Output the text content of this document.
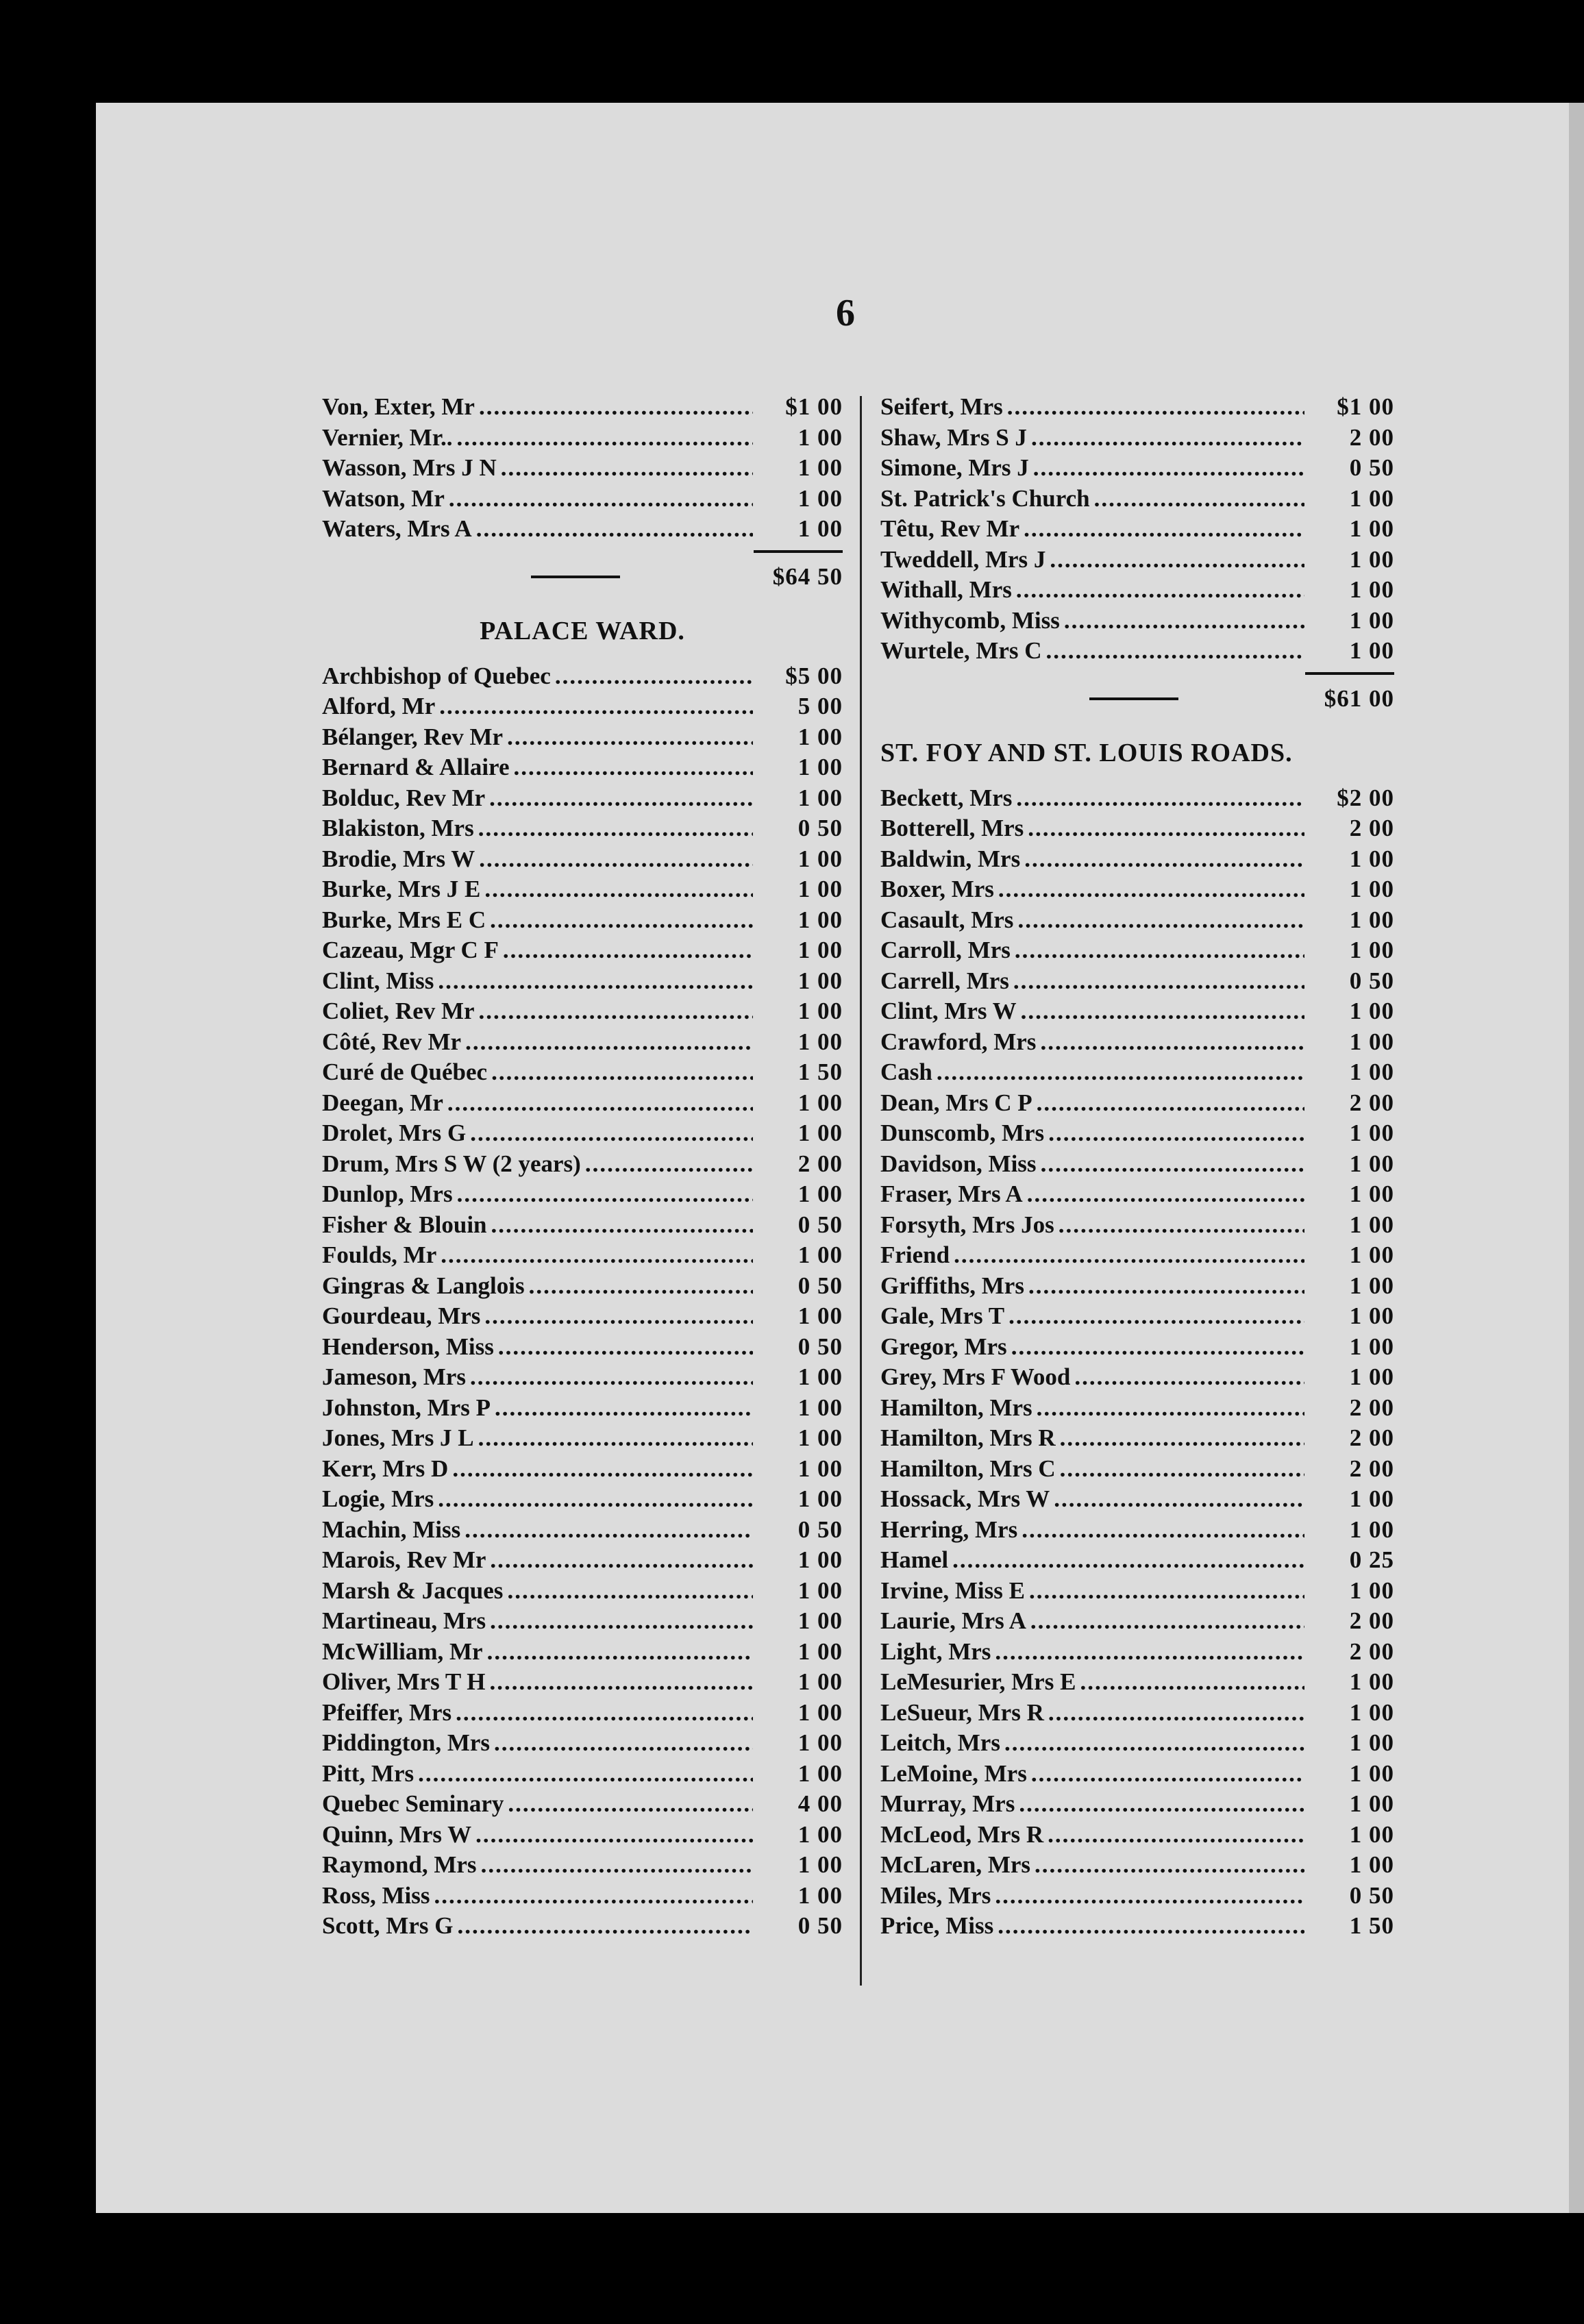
6
Von, Exter, Mr .....	$1 00
Vernier, Mr.. .....	1 00
Wasson, Mrs J N .....	1 00
Watson, Mr .....	1 00
Waters, Mrs A .....	1 00
$64 50
PALACE WARD.
Archbishop of Quebec .....	$5 00
Alford, Mr .....	5 00
Bélanger, Rev Mr .....	1 00
Bernard & Allaire .....	1 00
Bolduc, Rev Mr .....	1 00
Blakiston, Mrs .....	0 50
Brodie, Mrs W .....	1 00
Burke, Mrs J E .....	1 00
Burke, Mrs E C .....	1 00
Cazeau, Mgr C F .....	1 00
Clint, Miss .....	1 00
Coliet, Rev Mr .....	1 00
Côté, Rev Mr .....	1 00
Curé de Québec .....	1 50
Deegan, Mr .....	1 00
Drolet, Mrs G .....	1 00
Drum, Mrs S W (2 years) .....	2 00
Dunlop, Mrs .....	1 00
Fisher & Blouin .....	0 50
Foulds, Mr .....	1 00
Gingras & Langlois .....	0 50
Gourdeau, Mrs .....	1 00
Henderson, Miss .....	0 50
Jameson, Mrs .....	1 00
Johnston, Mrs P .....	1 00
Jones, Mrs J L .....	1 00
Kerr, Mrs D .....	1 00
Logie, Mrs .....	1 00
Machin, Miss .....	0 50
Marois, Rev Mr .....	1 00
Marsh & Jacques .....	1 00
Martineau, Mrs .....	1 00
McWilliam, Mr .....	1 00
Oliver, Mrs T H .....	1 00
Pfeiffer, Mrs .....	1 00
Piddington, Mrs .....	1 00
Pitt, Mrs .....	1 00
Quebec Seminary .....	4 00
Quinn, Mrs W .....	1 00
Raymond, Mrs .....	1 00
Ross, Miss .....	1 00
Scott, Mrs G .....	0 50
Seifert, Mrs .....	$1 00
Shaw, Mrs S J .....	2 00
Simone, Mrs J .....	0 50
St. Patrick's Church .....	1 00
Têtu, Rev Mr .....	1 00
Tweddell, Mrs J .....	1 00
Withall, Mrs .....	1 00
Withycomb, Miss .....	1 00
Wurtele, Mrs C .....	1 00
$61 00
ST. FOY AND ST. LOUIS ROADS.
Beckett, Mrs .....	$2 00
Botterell, Mrs .....	2 00
Baldwin, Mrs .....	1 00
Boxer, Mrs .....	1 00
Casault, Mrs .....	1 00
Carroll, Mrs .....	1 00
Carrell, Mrs .....	0 50
Clint, Mrs W .....	1 00
Crawford, Mrs .....	1 00
Cash .....	1 00
Dean, Mrs C P .....	2 00
Dunscomb, Mrs .....	1 00
Davidson, Miss .....	1 00
Fraser, Mrs A .....	1 00
Forsyth, Mrs Jos .....	1 00
Friend .....	1 00
Griffiths, Mrs .....	1 00
Gale, Mrs T .....	1 00
Gregor, Mrs .....	1 00
Grey, Mrs F Wood .....	1 00
Hamilton, Mrs .....	2 00
Hamilton, Mrs R .....	2 00
Hamilton, Mrs C .....	2 00
Hossack, Mrs W .....	1 00
Herring, Mrs .....	1 00
Hamel .....	0 25
Irvine, Miss E .....	1 00
Laurie, Mrs A .....	2 00
Light, Mrs .....	2 00
LeMesurier, Mrs E .....	1 00
LeSueur, Mrs R .....	1 00
Leitch, Mrs .....	1 00
LeMoine, Mrs .....	1 00
Murray, Mrs .....	1 00
McLeod, Mrs R .....	1 00
McLaren, Mrs .....	1 00
Miles, Mrs .....	0 50
Price, Miss .....	1 50
